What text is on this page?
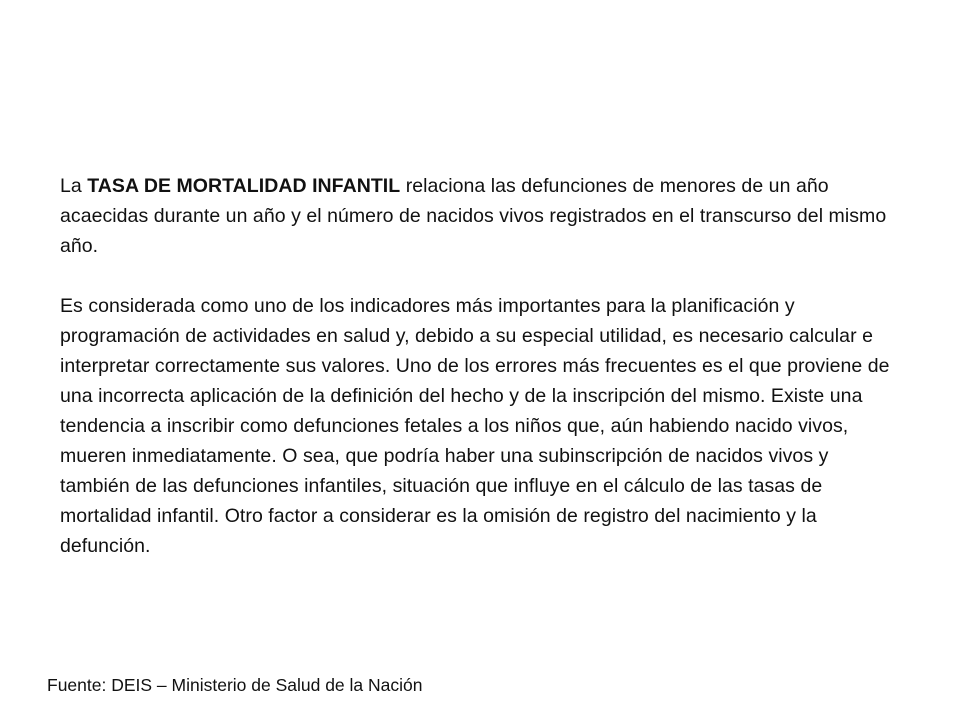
La TASA DE MORTALIDAD INFANTIL relaciona las defunciones de menores de un año acaecidas durante un año y el número de nacidos vivos registrados en el transcurso del mismo año.

Es considerada como uno de los indicadores más importantes para la planificación y programación de actividades en salud y, debido a su especial utilidad, es necesario calcular e interpretar correctamente sus valores. Uno de los errores más frecuentes es el que proviene de una incorrecta aplicación de la definición del hecho y de la inscripción del mismo. Existe una tendencia a inscribir como defunciones fetales a los niños que, aún habiendo nacido vivos, mueren inmediatamente. O sea, que podría haber una subinscripción de nacidos vivos y también de las defunciones infantiles, situación que influye en el cálculo de las tasas de mortalidad infantil. Otro factor a considerar es la omisión de registro del nacimiento y la defunción.

Fuente: DEIS – Ministerio de Salud de la Nación
